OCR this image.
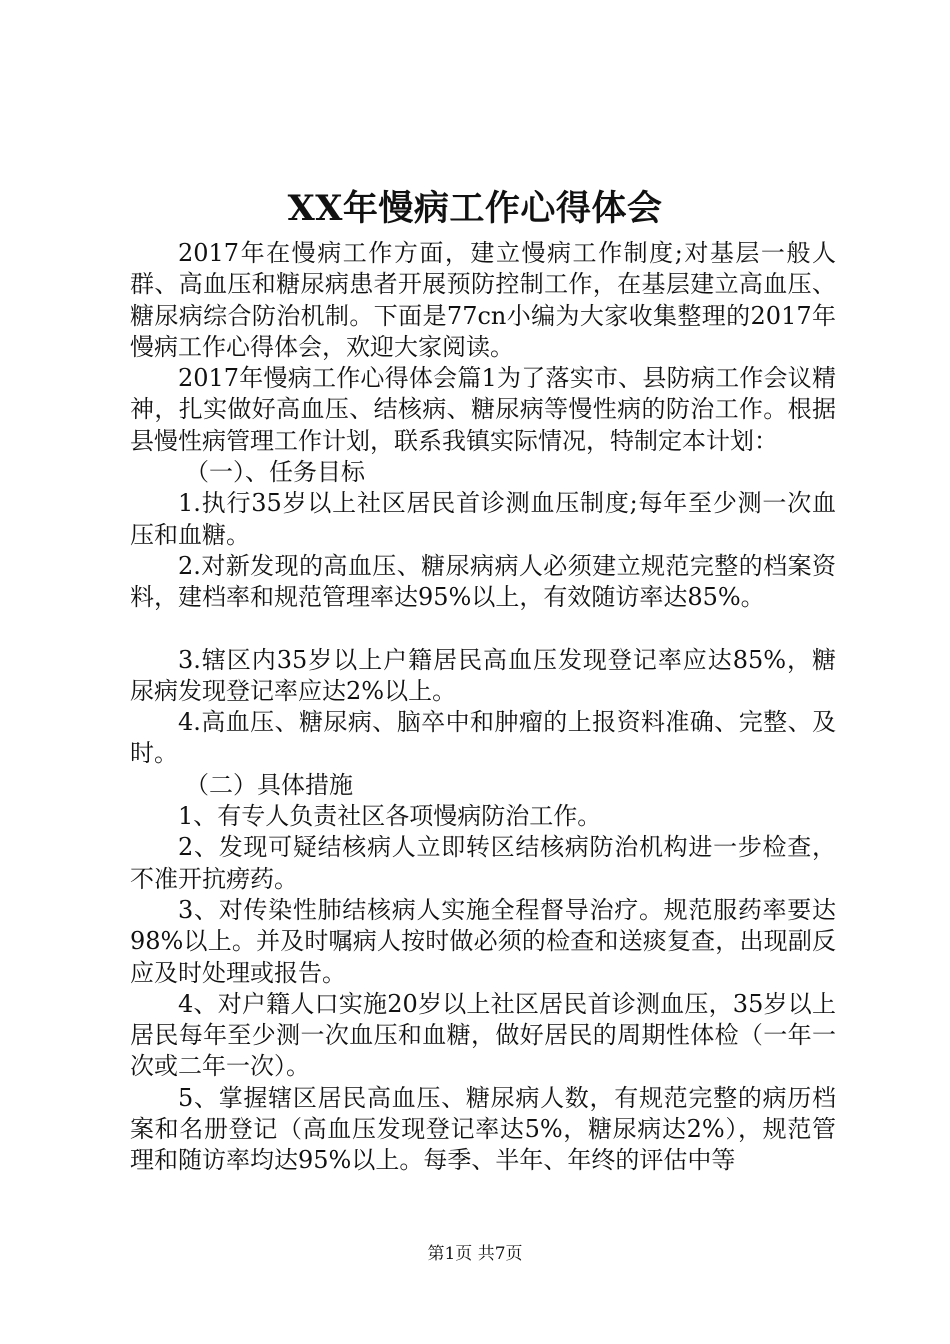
XX年慢病工作心得体会

2017年在慢病工作方面，建立慢病工作制度;对基层一般人群、高血压和糖尿病患者开展预防控制工作，在基层建立高血压、糖尿病综合防治机制。下面是77cn小编为大家收集整理的2017年慢病工作心得体会，欢迎大家阅读。

2017年慢病工作心得体会篇1为了落实市、县防病工作会议精神，扎实做好高血压、结核病、糖尿病等慢性病的防治工作。根据县慢性病管理工作计划，联系我镇实际情况，特制定本计划：

（一）、任务目标

1.执行35岁以上社区居民首诊测血压制度;每年至少测一次血压和血糖。

2.对新发现的高血压、糖尿病病人必须建立规范完整的档案资料，建档率和规范管理率达95%以上，有效随访率达85%。

3.辖区内35岁以上户籍居民高血压发现登记率应达85%，糖尿病发现登记率应达2%以上。

4.高血压、糖尿病、脑卒中和肿瘤的上报资料准确、完整、及时。

（二）具体措施

1、有专人负责社区各项慢病防治工作。

2、发现可疑结核病人立即转区结核病防治机构进一步检查，不准开抗痨药。

3、对传染性肺结核病人实施全程督导治疗。规范服药率要达98%以上。并及时嘱病人按时做必须的检查和送痰复查，出现副反应及时处理或报告。

4、对户籍人口实施20岁以上社区居民首诊测血压，35岁以上居民每年至少测一次血压和血糖，做好居民的周期性体检（一年一次或二年一次）。

5、掌握辖区居民高血压、糖尿病人数，有规范完整的病历档案和名册登记（高血压发现登记率达5%，糖尿病达2%），规范管理和随访率均达95%以上。每季、半年、年终的评估中等

第1页 共7页
